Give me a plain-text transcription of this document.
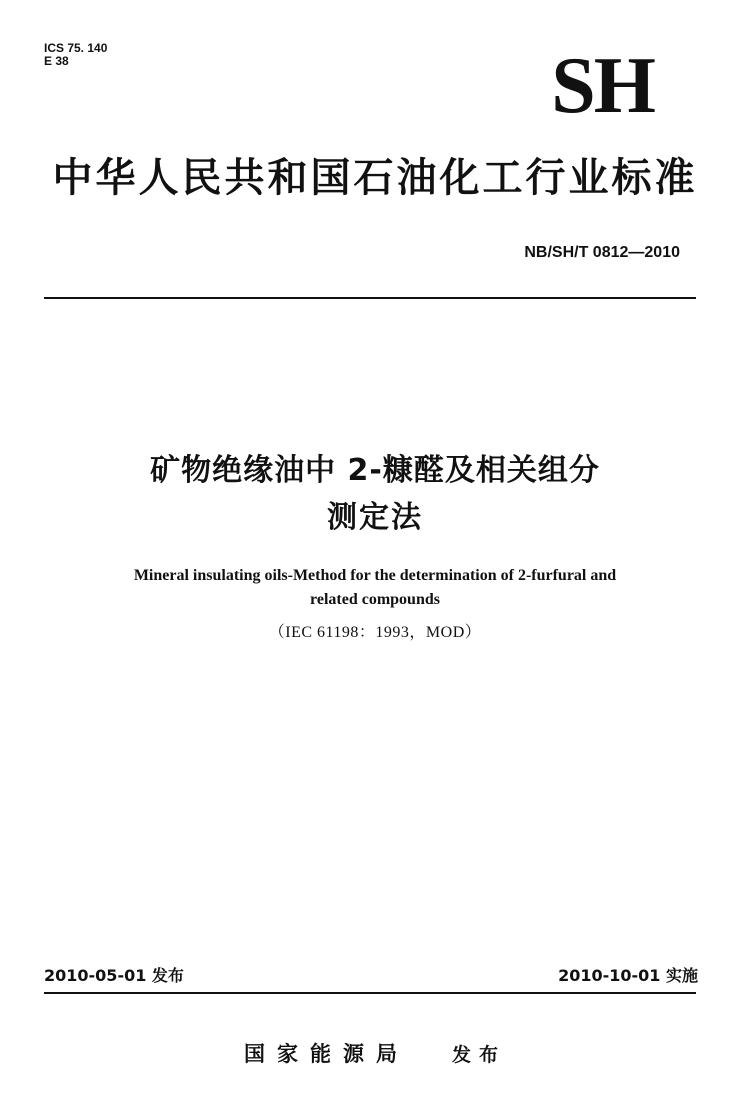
ICS 75. 140
E 38	SH
中华人民共和国石油化工行业标准
NB/SH/T 0812—2010
矿物绝缘油中 2-糠醛及相关组分
测定法
Mineral insulating oils-Method for the determination of 2-furfural and
related compounds
（IEC 61198：1993，MOD）
2010-05-01 发布	2010-10-01 实施
国家能源局 发布
